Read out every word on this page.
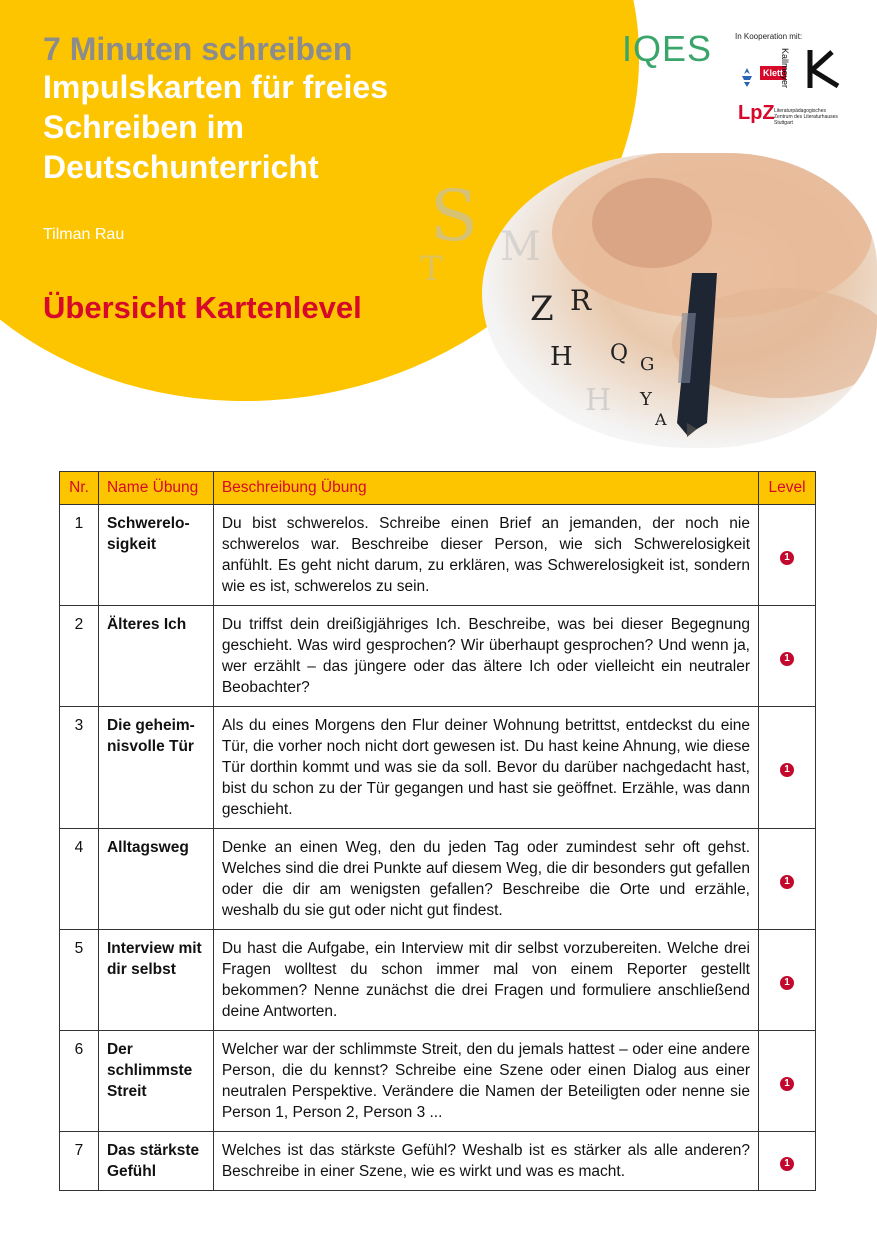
7 Minuten schreiben
Impulskarten für freies
Schreiben im
Deutschunterricht
Tilman Rau
Übersicht Kartenlevel
IQES	In Kooperation mit:
Klett
Kallmeyer
LpZ Literaturpädagogisches Zentrum des Literaturhauses Stuttgart
S M
T
Z R
H Q G
Y
A
H
Nr.	Name Übung	Beschreibung Übung	Level
1	Schwerelo-sigkeit	Du bist schwerelos. Schreibe einen Brief an jemanden, der noch nie schwerelos war. Beschreibe dieser Person, wie sich Schwerelosigkeit anfühlt. Es geht nicht darum, zu erklären, was Schwerelosigkeit ist, sondern wie es ist, schwerelos zu sein.	1
2	Älteres Ich	Du triffst dein dreißigjähriges Ich. Beschreibe, was bei dieser Begegnung geschieht. Was wird gesprochen? Wir überhaupt gesprochen? Und wenn ja, wer erzählt – das jüngere oder das ältere Ich oder vielleicht ein neutraler Beobachter?	1
3	Die geheim-nisvolle Tür	Als du eines Morgens den Flur deiner Wohnung betrittst, entdeckst du eine Tür, die vorher noch nicht dort gewesen ist. Du hast keine Ahnung, wie diese Tür dorthin kommt und was sie da soll. Bevor du darüber nachgedacht hast, bist du schon zu der Tür gegangen und hast sie geöffnet. Erzähle, was dann geschieht.	1
4	Alltagsweg	Denke an einen Weg, den du jeden Tag oder zumindest sehr oft gehst. Welches sind die drei Punkte auf diesem Weg, die dir besonders gut gefallen oder die dir am wenigsten gefallen? Beschreibe die Orte und erzähle, weshalb du sie gut oder nicht gut findest.	1
5	Interview mit dir selbst	Du hast die Aufgabe, ein Interview mit dir selbst vorzubereiten. Welche drei Fragen wolltest du schon immer mal von einem Reporter gestellt bekommen? Nenne zunächst die drei Fragen und formuliere anschließend deine Antworten.	1
6	Der schlimmste Streit	Welcher war der schlimmste Streit, den du jemals hattest – oder eine andere Person, die du kennst? Schreibe eine Szene oder einen Dialog aus einer neutralen Perspektive. Verändere die Namen der Beteiligten oder nenne sie Person 1, Person 2, Person 3 ...	1
7	Das stärkste Gefühl	Welches ist das stärkste Gefühl? Weshalb ist es stärker als alle anderen? Beschreibe in einer Szene, wie es wirkt und was es macht.	1
